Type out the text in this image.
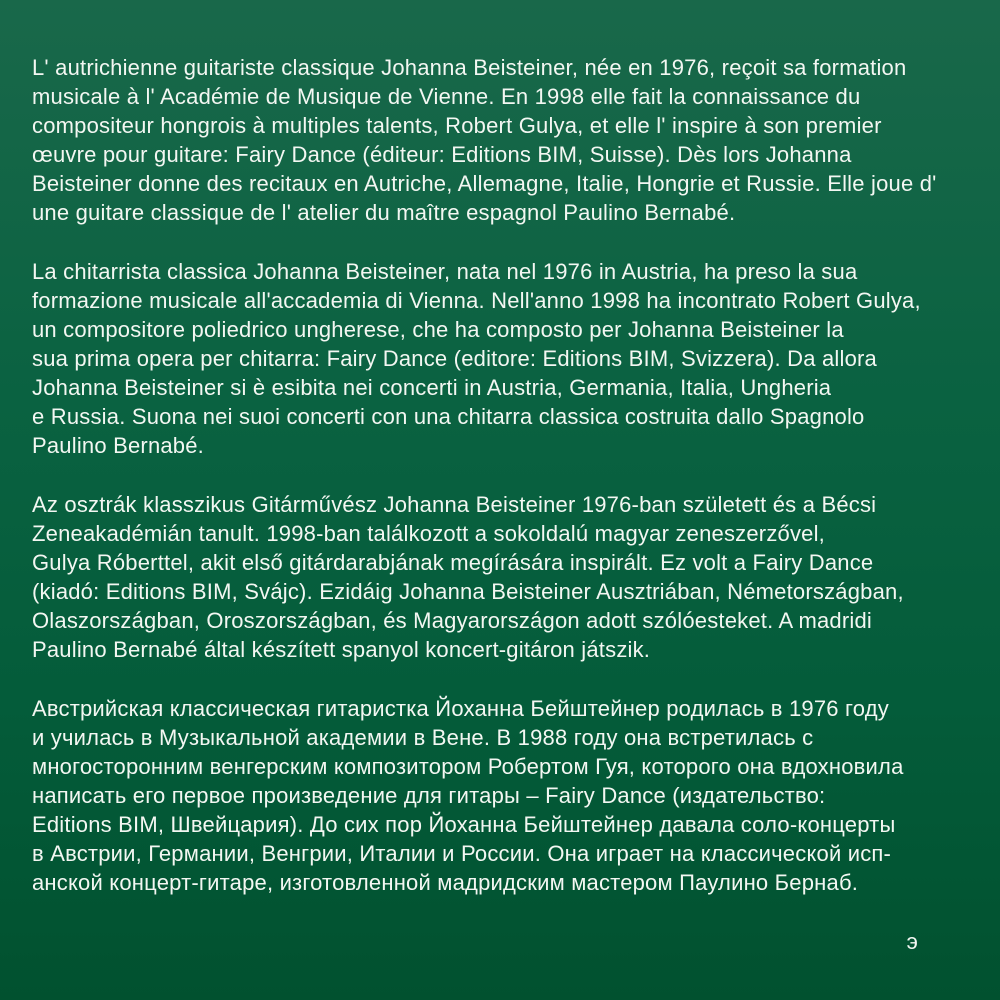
L' autrichienne guitariste classique Johanna Beisteiner, née en 1976, reçoit sa formation
musicale à l' Académie de Musique de Vienne. En 1998 elle fait la connaissance du
compositeur hongrois à multiples talents, Robert Gulya, et elle l' inspire à son premier
œuvre pour guitare: Fairy Dance (éditeur: Editions BIM, Suisse). Dès lors Johanna
Beisteiner donne des recitaux en Autriche, Allemagne, Italie, Hongrie et Russie. Elle joue d'
une guitare classique de l' atelier du maître espagnol Paulino Bernabé.
La chitarrista classica Johanna Beisteiner, nata nel 1976 in Austria, ha preso la sua
formazione musicale all'accademia di Vienna. Nell'anno 1998 ha incontrato Robert Gulya,
un compositore poliedrico ungherese, che ha composto per Johanna Beisteiner la
sua prima opera per chitarra: Fairy Dance (editore: Editions BIM, Svizzera). Da allora
Johanna Beisteiner si è esibita nei concerti in Austria, Germania, Italia, Ungheria
e Russia. Suona nei suoi concerti con una chitarra classica costruita dallo Spagnolo
Paulino Bernabé.
Az osztrák klasszikus Gitárművész Johanna Beisteiner 1976-ban született és a Bécsi
Zeneakadémián tanult. 1998-ban találkozott a sokoldalú magyar zeneszerzővel,
Gulya Róberttel, akit első gitárdarabjának megírására inspirált. Ez volt a Fairy Dance
(kiadó: Editions BIM, Svájc). Ezidáig Johanna Beisteiner Ausztriában, Németországban,
Olaszországban, Oroszországban, és Magyarországon adott szólóesteket. A madridi
Paulino Bernabé által készített spanyol koncert-gitáron játszik.
Австрийская классическая гитаристка Йоханна Бейштейнер родилась в 1976 году
и училась в Музыкальной академии в Вене. В 1988 году она встретилась с
многосторонним венгерским композитором Робертом Гуя, которого она вдохновила
написать его первое произведение для гитары – Fairy Dance (издательство:
Editions BIM, Швейцария). До сих пор Йоханна Бейштейнер давала соло-концерты
в Австрии, Германии, Венгрии, Италии и России. Она играет на классической исп-
анской концерт-гитаре, изготовленной мадридским мастером Паулино Бернаб.
э
